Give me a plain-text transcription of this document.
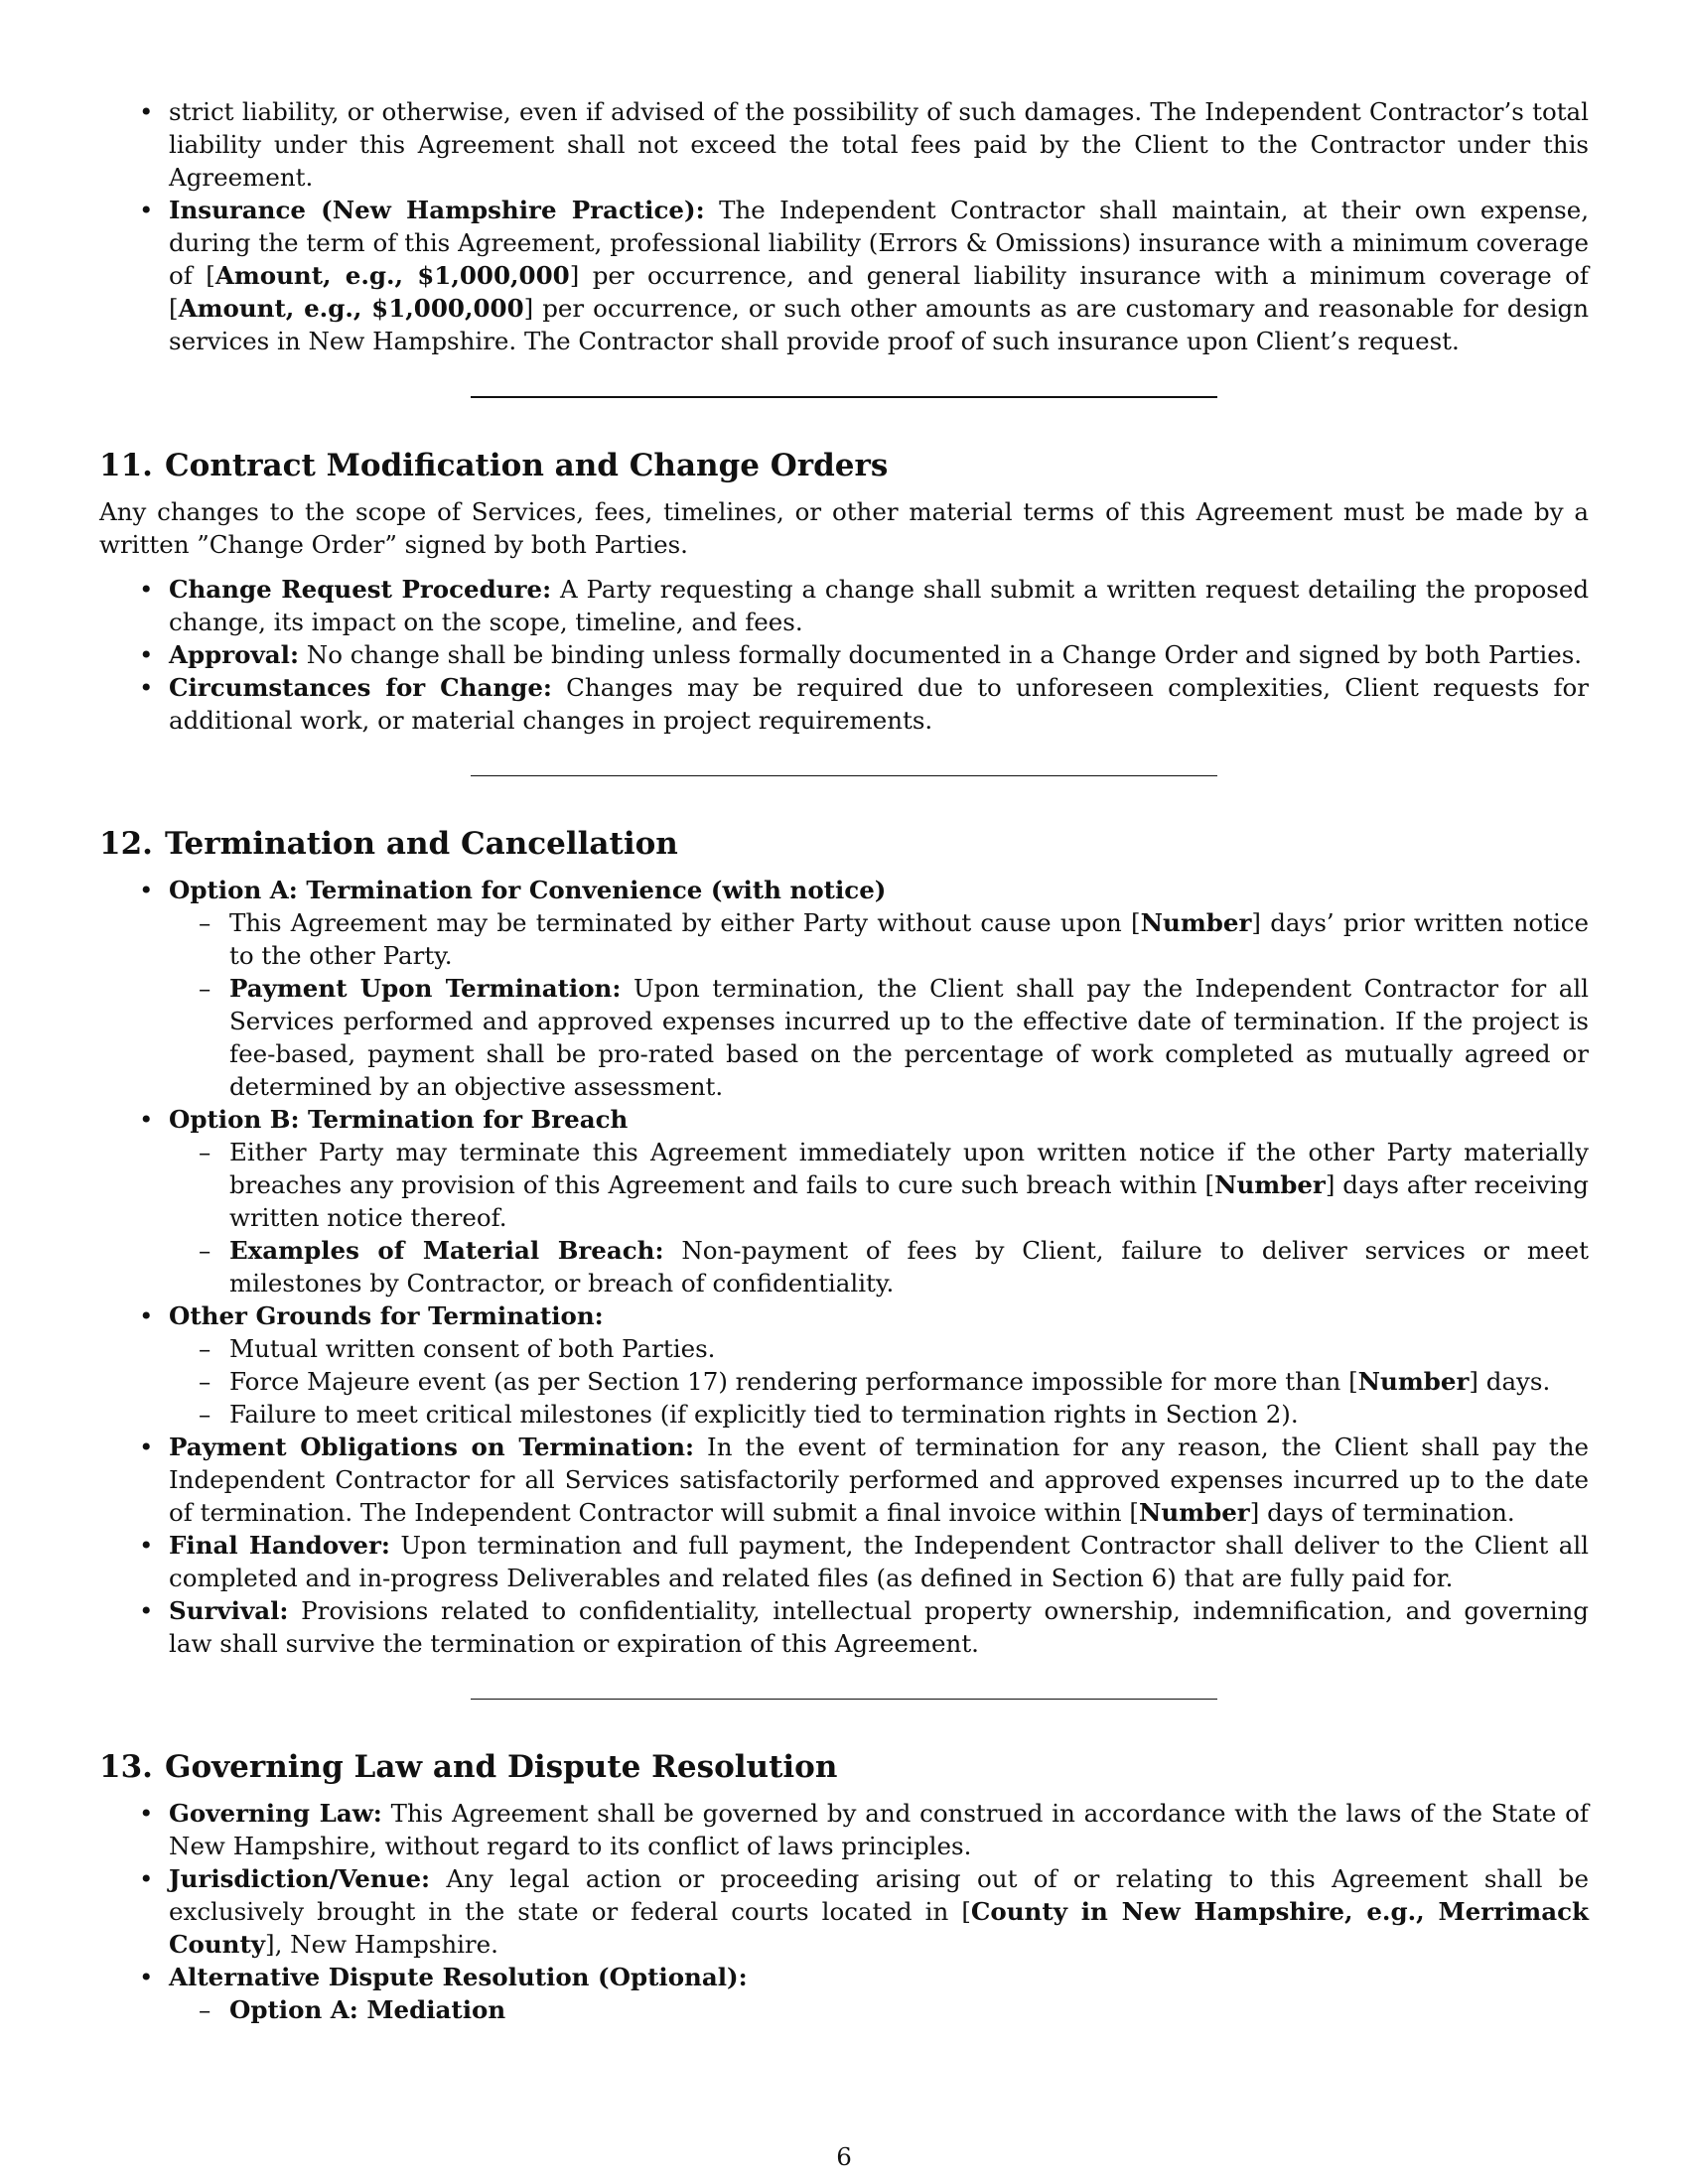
• strict liability, or otherwise, even if advised of the possibility of such damages. The Independent Contractor’s total liability under this Agreement shall not exceed the total fees paid by the Client to the Contractor under this Agreement.
• Insurance (New Hampshire Practice): The Independent Contractor shall maintain, at their own expense, during the term of this Agreement, professional liability (Errors & Omissions) insurance with a minimum coverage of [Amount, e.g., $1,000,000] per occurrence, and general liability insurance with a minimum coverage of [Amount, e.g., $1,000,000] per occurrence, or such other amounts as are customary and reasonable for design services in New Hampshire. The Contractor shall provide proof of such insurance upon Client’s request.
11. Contract Modification and Change Orders

Any changes to the scope of Services, fees, timelines, or other material terms of this Agreement must be made by a written ”Change Order” signed by both Parties.

• Change Request Procedure: A Party requesting a change shall submit a written request detailing the proposed change, its impact on the scope, timeline, and fees.
• Approval: No change shall be binding unless formally documented in a Change Order and signed by both Parties.
• Circumstances for Change: Changes may be required due to unforeseen complexities, Client requests for additional work, or material changes in project requirements.
12. Termination and Cancellation
• Option A: Termination for Convenience (with notice)
– This Agreement may be terminated by either Party without cause upon [Number] days’ prior written notice to the other Party.
– Payment Upon Termination: Upon termination, the Client shall pay the Independent Contractor for all Services performed and approved expenses incurred up to the effective date of termination. If the project is fee-based, payment shall be pro-rated based on the percentage of work completed as mutually agreed or determined by an objective assessment.
• Option B: Termination for Breach
– Either Party may terminate this Agreement immediately upon written notice if the other Party materially breaches any provision of this Agreement and fails to cure such breach within [Number] days after receiving written notice thereof.
– Examples of Material Breach: Non-payment of fees by Client, failure to deliver services or meet milestones by Contractor, or breach of confidentiality.
• Other Grounds for Termination:
– Mutual written consent of both Parties.
– Force Majeure event (as per Section 17) rendering performance impossible for more than [Number] days.
– Failure to meet critical milestones (if explicitly tied to termination rights in Section 2).
• Payment Obligations on Termination: In the event of termination for any reason, the Client shall pay the Independent Contractor for all Services satisfactorily performed and approved expenses incurred up to the date of termination. The Independent Contractor will submit a final invoice within [Number] days of termination.
• Final Handover: Upon termination and full payment, the Independent Contractor shall deliver to the Client all completed and in-progress Deliverables and related files (as defined in Section 6) that are fully paid for.
• Survival: Provisions related to confidentiality, intellectual property ownership, indemnification, and governing law shall survive the termination or expiration of this Agreement.
13. Governing Law and Dispute Resolution
• Governing Law: This Agreement shall be governed by and construed in accordance with the laws of the State of New Hampshire, without regard to its conflict of laws principles.
• Jurisdiction/Venue: Any legal action or proceeding arising out of or relating to this Agreement shall be exclusively brought in the state or federal courts located in [County in New Hampshire, e.g., Merrimack County], New Hampshire.
• Alternative Dispute Resolution (Optional):
– Option A: Mediation
6
